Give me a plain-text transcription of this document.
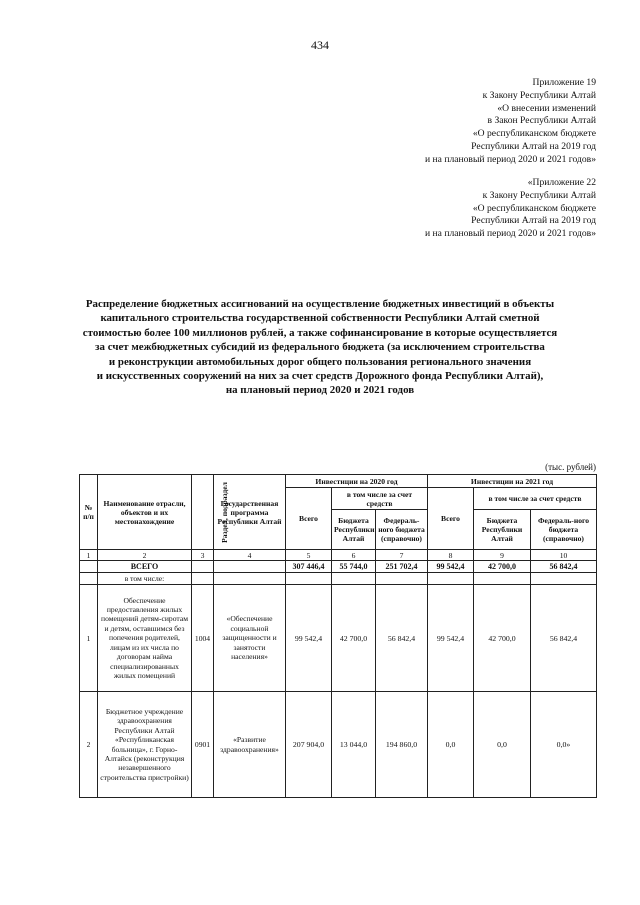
434
Приложение 19
к Закону Республики Алтай
«О внесении изменений
в Закон Республики Алтай
«О республиканском бюджете
Республики Алтай на 2019 год
и на плановый период 2020 и 2021 годов»
«Приложение 22
к Закону Республики Алтай
«О республиканском бюджете
Республики Алтай на 2019 год
и на плановый период 2020 и 2021 годов»
Распределение бюджетных ассигнований на осуществление бюджетных инвестиций в объекты
капитального строительства государственной собственности Республики Алтай сметной
стоимостью более 100 миллионов рублей, а также софинансирование в которые осуществляется
за счет межбюджетных субсидий из федерального бюджета (за исключением строительства
и реконструкции автомобильных дорог общего пользования регионального значения
и искусственных сооружений на них за счет средств Дорожного фонда Республики Алтай),
на плановый период 2020 и 2021 годов
(тыс. рублей)
№ п/п	Наименование отрасли, объектов и их местонахождение	Раздел, подраздел	Государственная программа Республики Алтай	Инвестиции на 2020 год			Инвестиции на 2021 год		
				Всего	в том числе за счет средств		Всего	в том числе за счет средств	
					Бюджета Республики Алтай	Федераль-ного бюджета (справочно)		Бюджета Республики Алтай	Федераль-ного бюджета (справочно)
1	2	3	4	5	6	7	8	9	10
	ВСЕГО			307 446,4	55 744,0	251 702,4	99 542,4	42 700,0	56 842,4
	в том числе:								
1	Обеспечение предоставления жилых помещений детям-сиротам и детям, оставшимся без попечения родителей, лицам из их числа по договорам найма специализированных жилых помещений	1004	«Обеспечение социальной защищенности и занятости населения»	99 542,4	42 700,0	56 842,4	99 542,4	42 700,0	56 842,4
2	Бюджетное учреждение здравоохранения Республики Алтай «Республиканская больница», г. Горно-Алтайск (реконструкция незавершенного строительства пристройки)	0901	«Развитие здравоохранения»	207 904,0	13 044,0	194 860,0	0,0	0,0	0,0»
